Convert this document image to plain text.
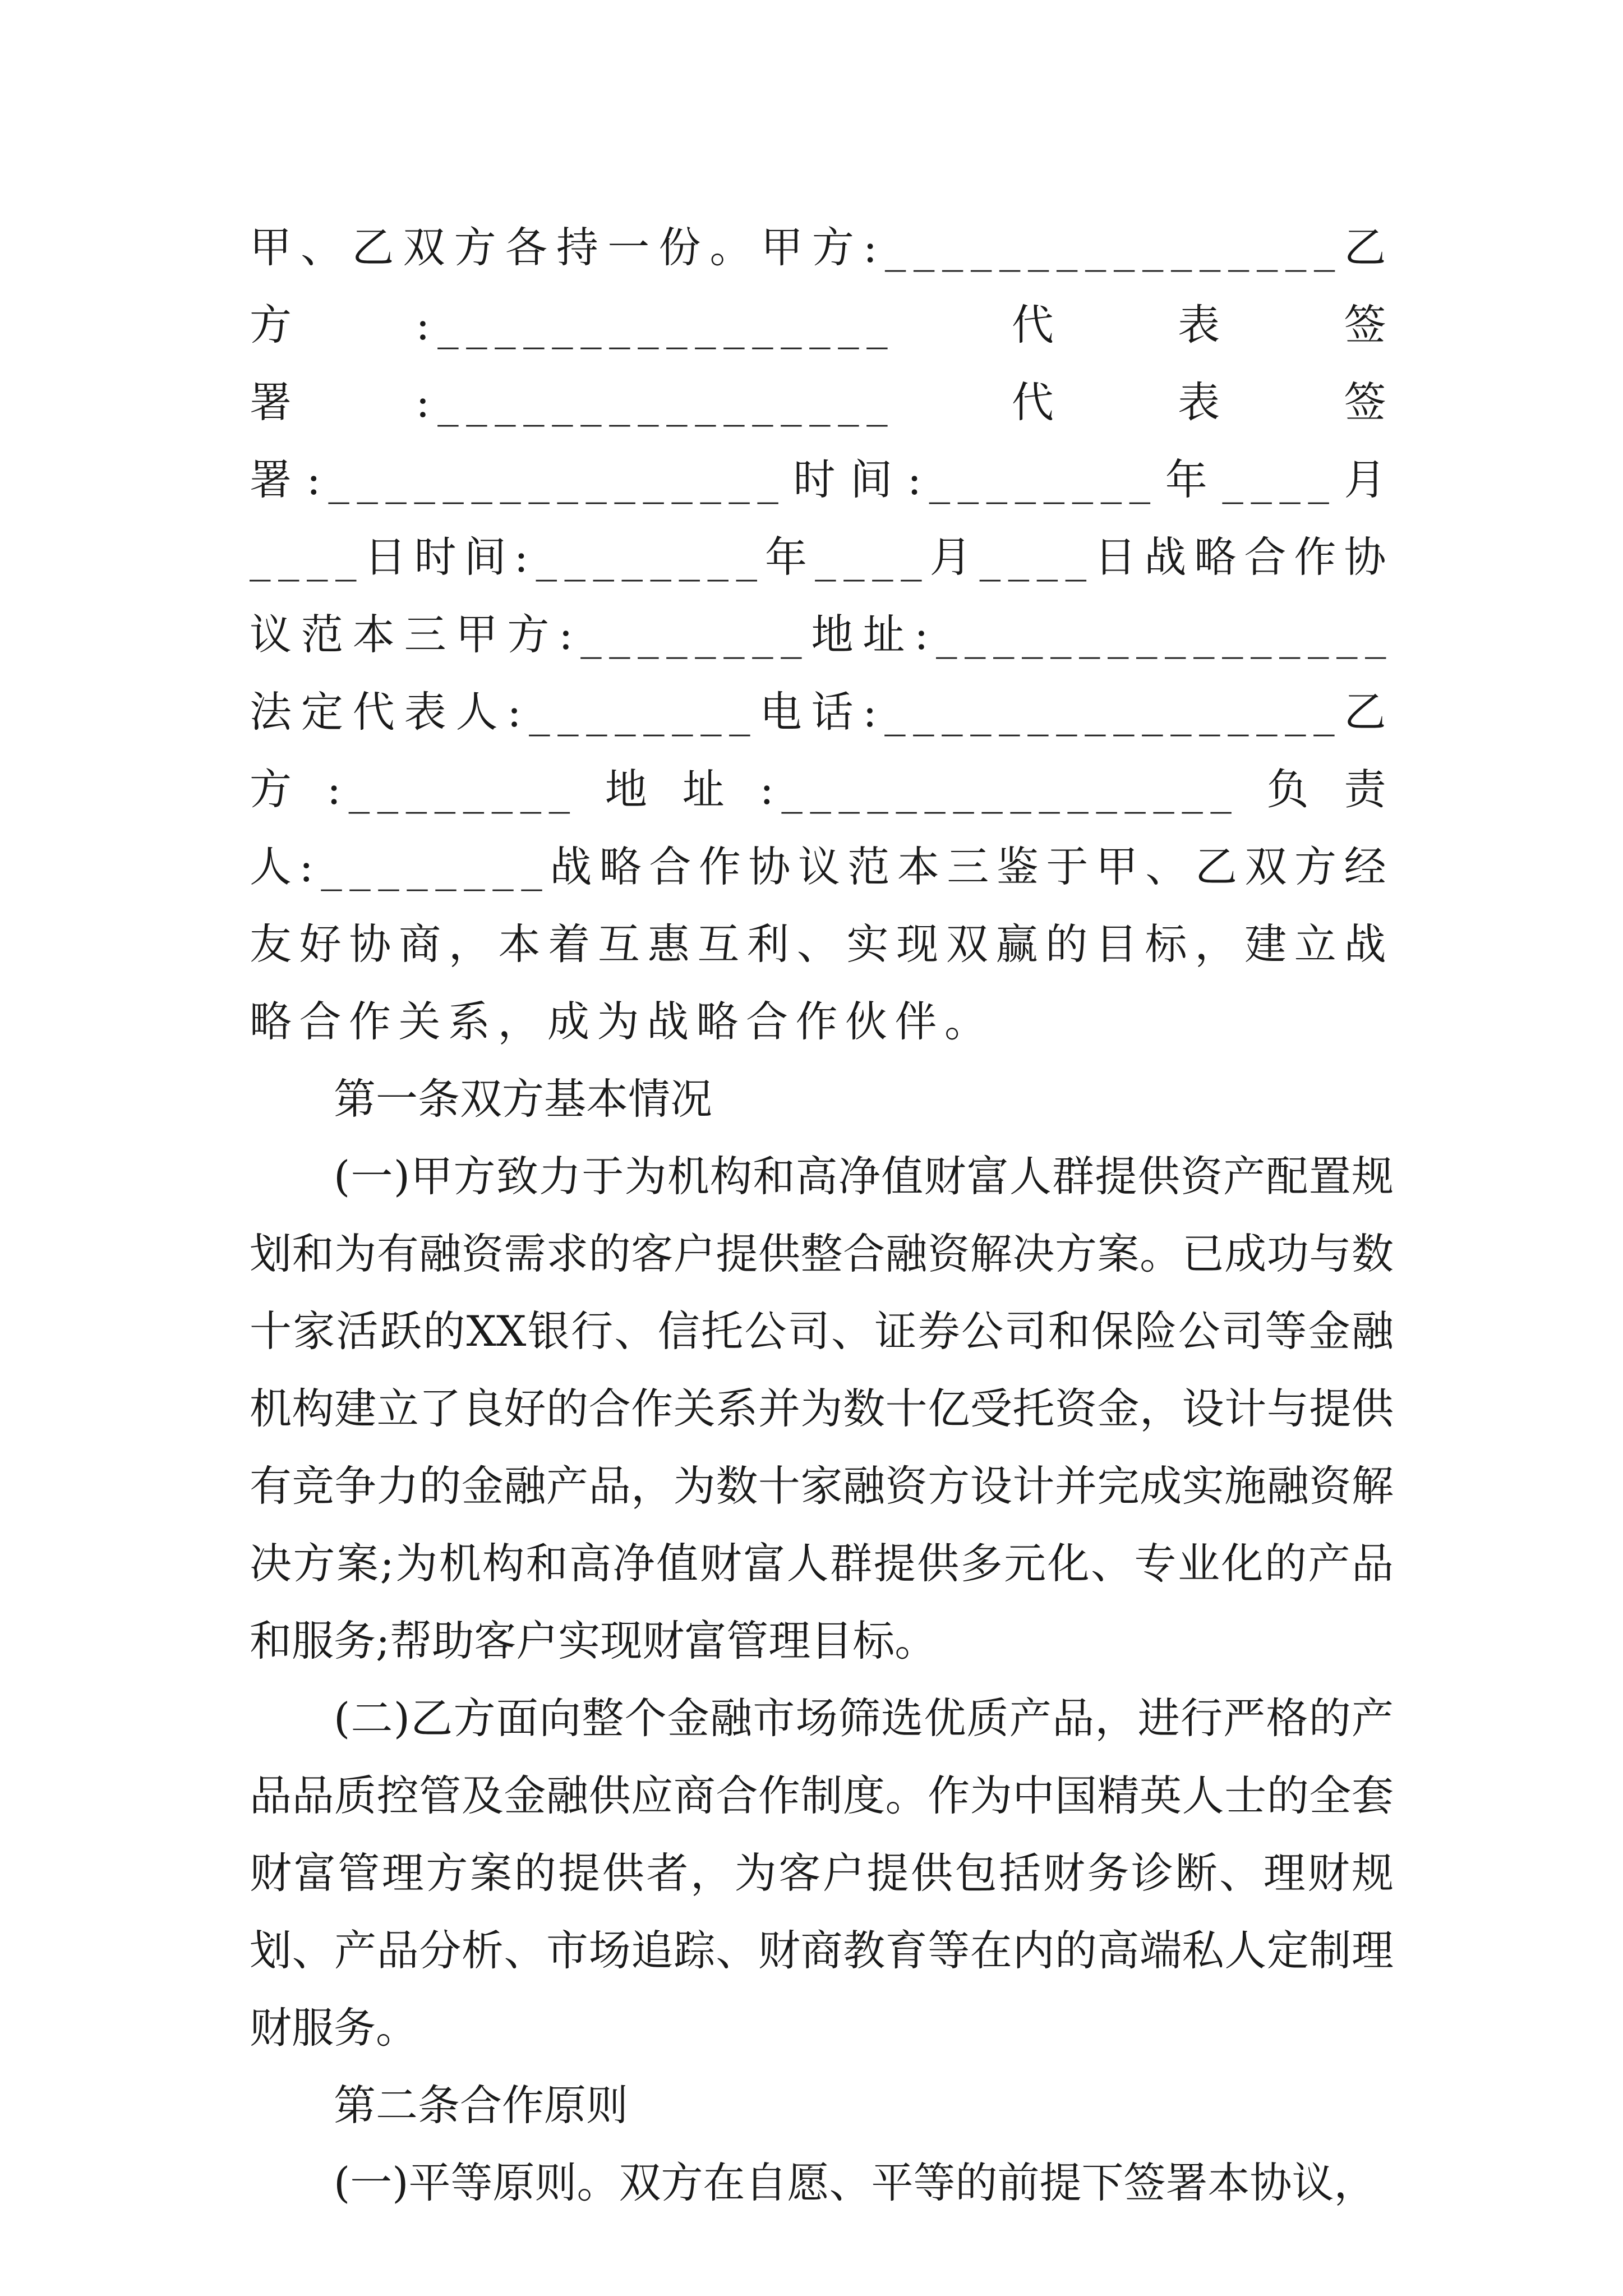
甲、乙双方各持一份。甲方:________________乙方:________________代表签署:________________代表签署:________________时间:________年____月____日时间:________年____月____日战略合作协议范本三甲方:________地址:________________法定代表人:________电话:________________乙方:________地址:________________负责人:________战略合作协议范本三鉴于甲、乙双方经友好协商，本着互惠互利、实现双赢的目标，建立战略合作关系，成为战略合作伙伴。

第一条双方基本情况

(一)甲方致力于为机构和高净值财富人群提供资产配置规划和为有融资需求的客户提供整合融资解决方案。已成功与数十家活跃的XX银行、信托公司、证券公司和保险公司等金融机构建立了良好的合作关系并为数十亿受托资金，设计与提供有竞争力的金融产品，为数十家融资方设计并完成实施融资解决方案;为机构和高净值财富人群提供多元化、专业化的产品和服务;帮助客户实现财富管理目标。

(二)乙方面向整个金融市场筛选优质产品，进行严格的产品品质控管及金融供应商合作制度。作为中国精英人士的全套财富管理方案的提供者，为客户提供包括财务诊断、理财规划、产品分析、市场追踪、财商教育等在内的高端私人定制理财服务。

第二条合作原则

(一)平等原则。双方在自愿、平等的前提下签署本协议，
